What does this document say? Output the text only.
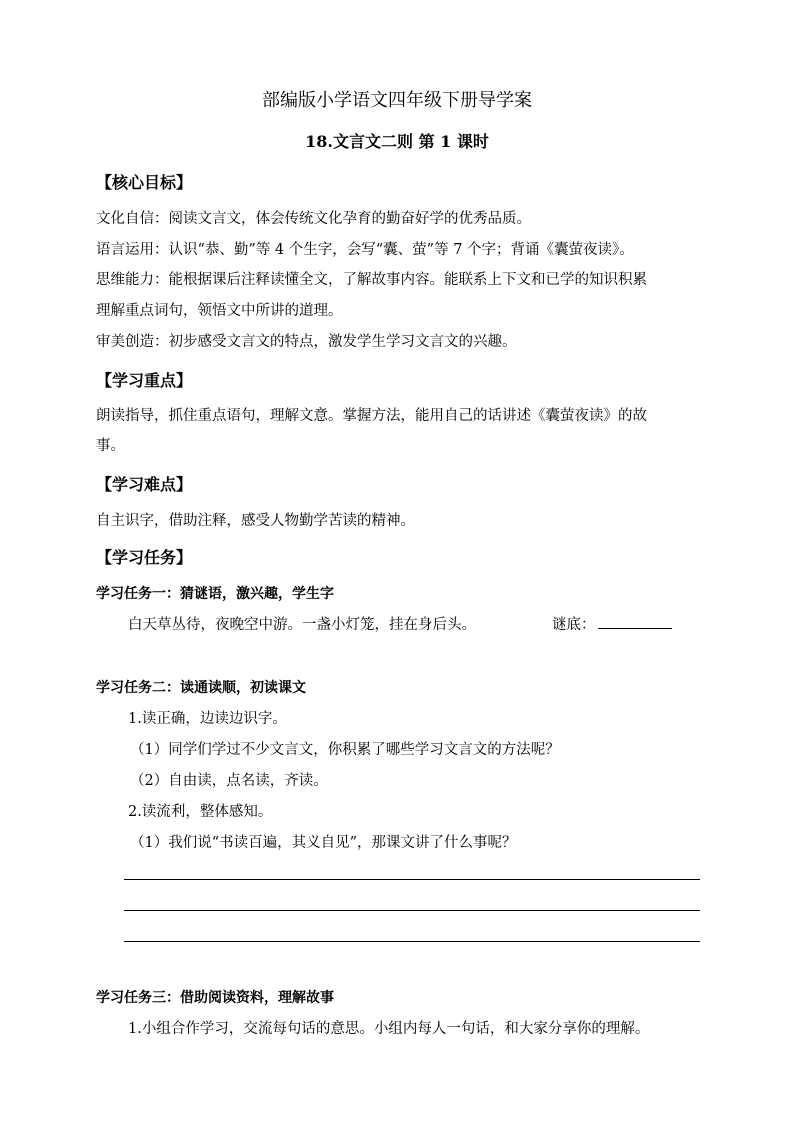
部编版小学语文四年级下册导学案
18.文言文二则 第 1 课时
【核心目标】
文化自信：阅读文言文，体会传统文化孕育的勤奋好学的优秀品质。
语言运用：认识“恭、勤”等 4 个生字，会写“囊、萤”等 7 个字；背诵《囊萤夜读》。
思维能力：能根据课后注释读懂全文，了解故事内容。能联系上下文和已学的知识积累
理解重点词句，领悟文中所讲的道理。
审美创造：初步感受文言文的特点，激发学生学习文言文的兴趣。
【学习重点】
朗读指导，抓住重点语句，理解文意。掌握方法，能用自己的话讲述《囊萤夜读》的故
事。
【学习难点】
自主识字，借助注释，感受人物勤学苦读的精神。
【学习任务】
学习任务一：猜谜语，激兴趣，学生字
白天草丛待，夜晚空中游。一盏小灯笼，挂在身后头。	谜底：
学习任务二：读通读顺，初读课文
1.读正确，边读边识字。
（1）同学们学过不少文言文，你积累了哪些学习文言文的方法呢？
（2）自由读，点名读，齐读。
2.读流利，整体感知。
（1）我们说“书读百遍，其义自见”，那课文讲了什么事呢？
学习任务三：借助阅读资料，理解故事
1.小组合作学习，交流每句话的意思。小组内每人一句话，和大家分享你的理解。
